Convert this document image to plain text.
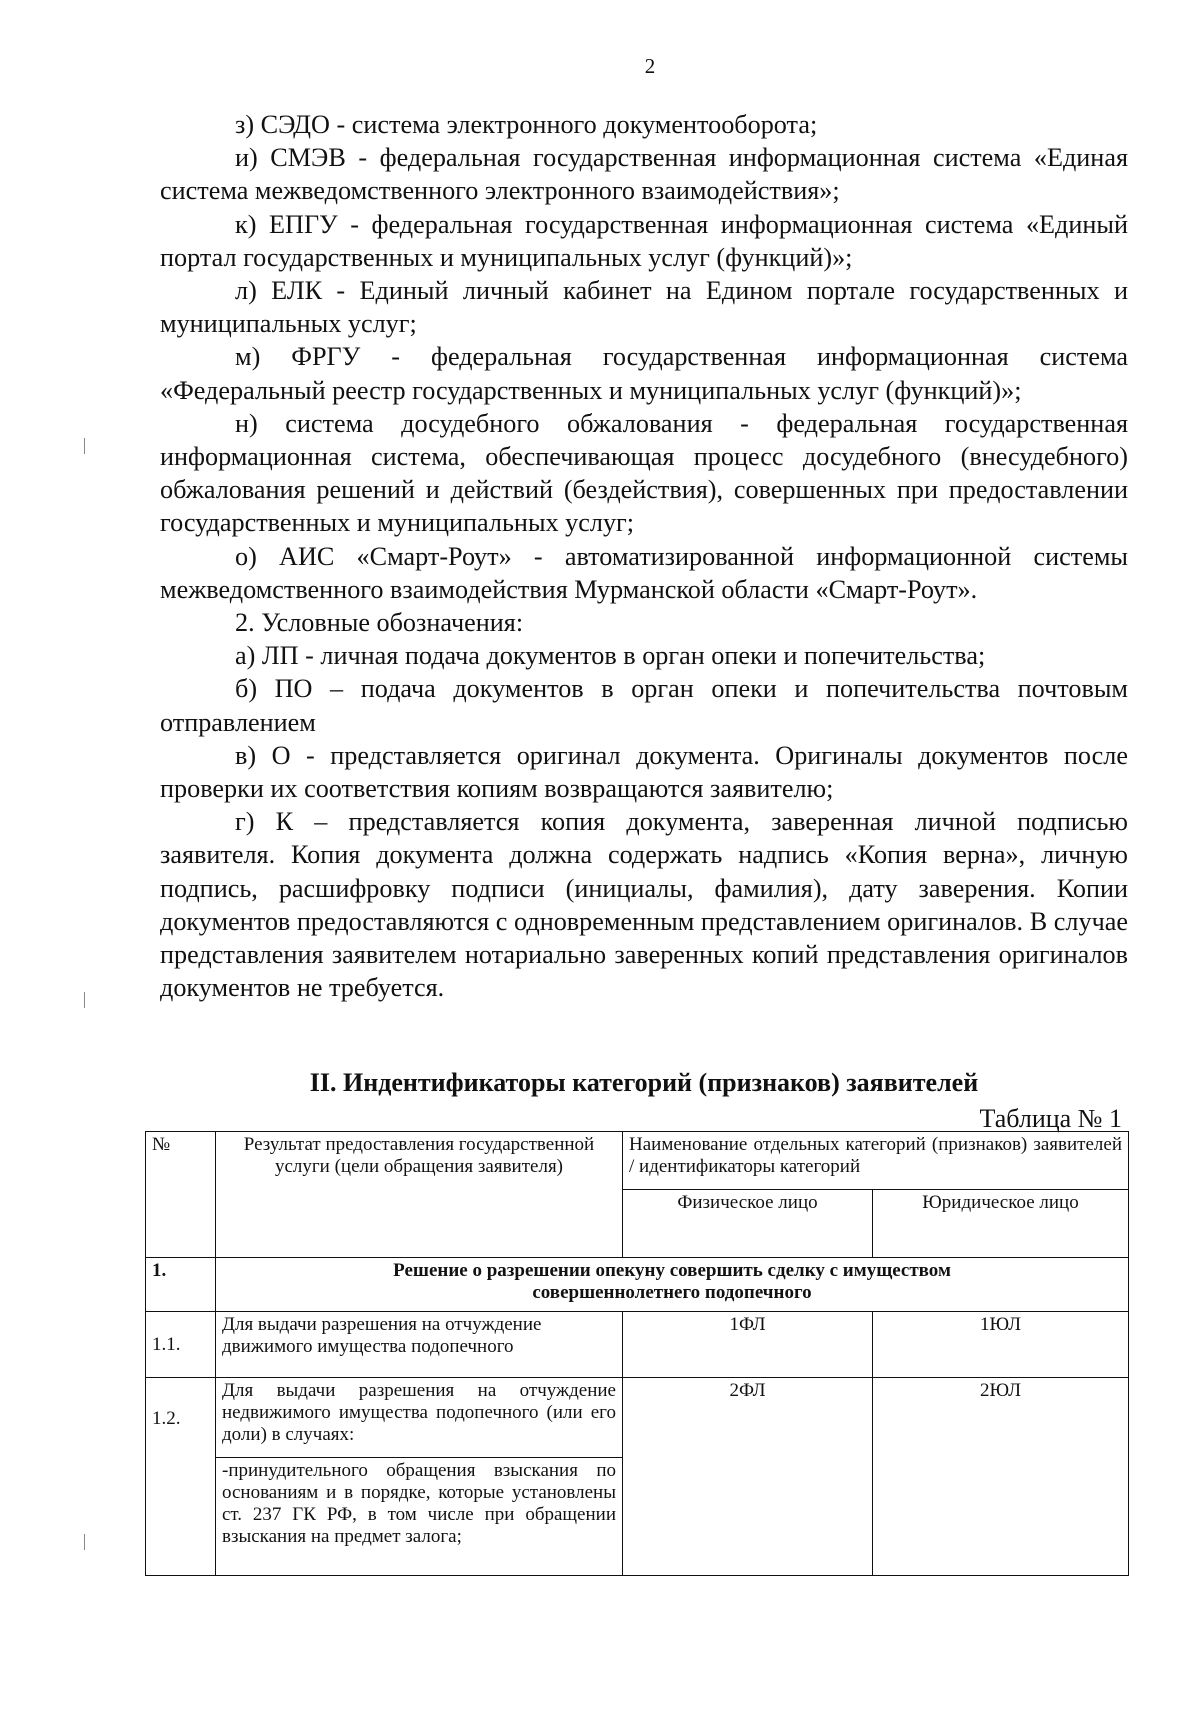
2

з) СЭДО - система электронного документооборота;

и) СМЭВ - федеральная государственная информационная система «Единая система межведомственного электронного взаимодействия»;

к) ЕПГУ - федеральная государственная информационная система «Единый портал государственных и муниципальных услуг (функций)»;

л) ЕЛК - Единый личный кабинет на Едином портале государственных и муниципальных услуг;

м) ФРГУ - федеральная государственная информационная система «Федеральный реестр государственных и муниципальных услуг (функций)»;

н) система досудебного обжалования - федеральная государственная информационная система, обеспечивающая процесс досудебного (внесудебного) обжалования решений и действий (бездействия), совершенных при предоставлении государственных и муниципальных услуг;

о) АИС «Смарт-Роут» - автоматизированной информационной системы межведомственного взаимодействия Мурманской области «Смарт-Роут».

2. Условные обозначения:

а) ЛП - личная подача документов в орган опеки и попечительства;

б) ПО – подача документов в орган опеки и попечительства почтовым отправлением

в) О - представляется оригинал документа. Оригиналы документов после проверки их соответствия копиям возвращаются заявителю;

г) К – представляется копия документа, заверенная личной подписью заявителя. Копия документа должна содержать надпись «Копия верна», личную подпись, расшифровку подписи (инициалы, фамилия), дату заверения. Копии документов предоставляются с одновременным представлением оригиналов. В случае представления заявителем нотариально заверенных копий представления оригиналов документов не требуется.

II. Индентификаторы категорий (признаков) заявителей
Таблица № 1
№	Результат предоставления государственной услуги (цели обращения заявителя)	Наименование отдельных категорий (признаков) заявителей / идентификаторы категорий	
		Физическое лицо	Юридическое лицо
1.	Решение о разрешении опекуну совершить сделку с имуществом совершеннолетнего подопечного		
1.1.	Для выдачи разрешения на отчуждение движимого имущества подопечного	1ФЛ	1ЮЛ
1.2.	Для выдачи разрешения на отчуждение недвижимого имущества подопечного (или его доли) в случаях:	2ФЛ	2ЮЛ
	-принудительного обращения взыскания по основаниям и в порядке, которые установлены ст. 237 ГК РФ, в том числе при обращении взыскания на предмет залога;		
